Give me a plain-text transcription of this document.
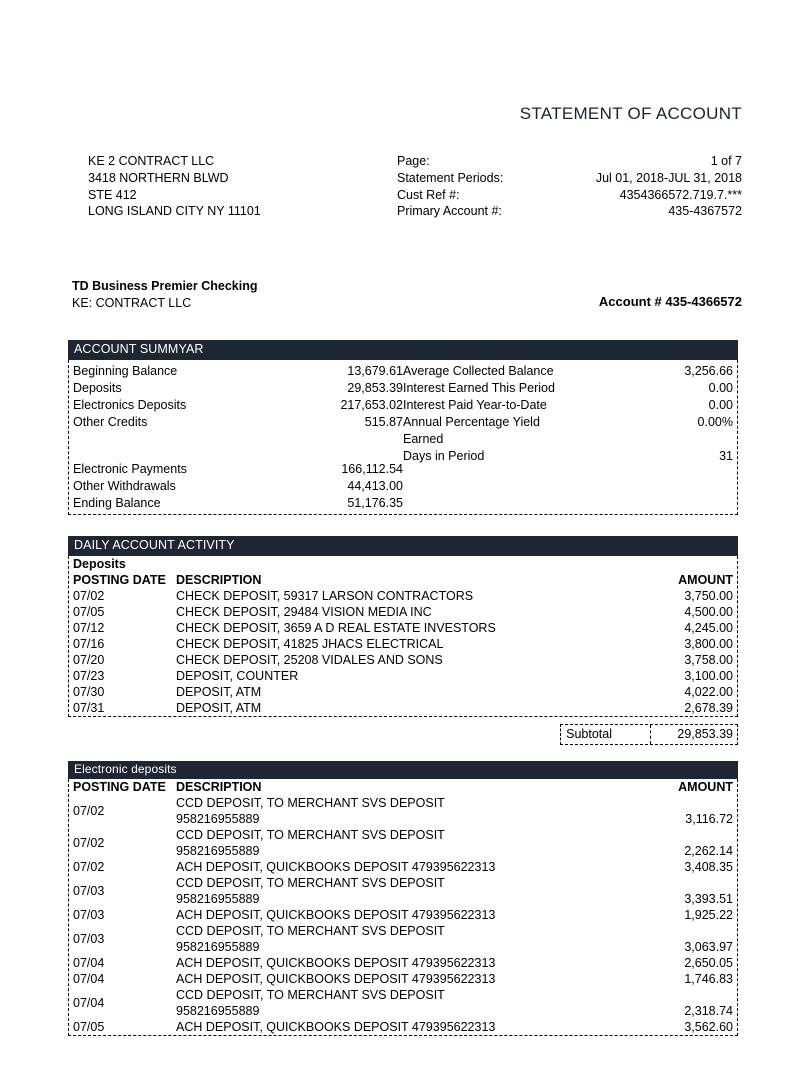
STATEMENT OF ACCOUNT
KE 2 CONTRACT LLC
3418 NORTHERN BLWD
STE 412
LONG ISLAND CITY NY 11101
Page:	1 of 7
Statement Periods:	Jul 01, 2018-JUL 31, 2018
Cust Ref #:	4354366572.719.7.***
Primary Account #:	435-4367572
TD Business Premier Checking
KE: CONTRACT LLC	Account # 435-4366572
ACCOUNT SUMMYAR
Beginning Balance	13,679.61
Deposits	29,853.39
Electronics Deposits	217,653.02
Other Credits	515.87
Electronic Payments	166,112.54
Other Withdrawals	44,413.00
Ending Balance	51,176.35
Average Collected Balance	3,256.66
Interest Earned This Period	0.00
Interest Paid Year-to-Date	0.00
Annual Percentage Yield	0.00%
Earned
Days in Period	31
DAILY ACCOUNT ACTIVITY
Deposits		
POSTING DATE	DESCRIPTION	AMOUNT
07/02	CHECK DEPOSIT, 59317 LARSON CONTRACTORS	3,750.00
07/05	CHECK DEPOSIT, 29484 VISION MEDIA INC	4,500.00
07/12	CHECK DEPOSIT, 3659 A D REAL ESTATE INVESTORS	4,245.00
07/16	CHECK DEPOSIT, 41825 JHACS ELECTRICAL	3,800.00
07/20	CHECK DEPOSIT, 25208 VIDALES AND SONS	3,758.00
07/23	DEPOSIT, COUNTER	3,100.00
07/30	DEPOSIT, ATM	4,022.00
07/31	DEPOSIT, ATM	2,678.39
Subtotal	29,853.39
Electronic deposits
POSTING DATE	DESCRIPTION	AMOUNT
07/02	CCD DEPOSIT, TO MERCHANT SVS DEPOSIT
958216955889	3,116.72
07/02	CCD DEPOSIT, TO MERCHANT SVS DEPOSIT
958216955889	2,262.14
07/02	ACH DEPOSIT, QUICKBOOKS DEPOSIT 479395622313	3,408.35
07/03	CCD DEPOSIT, TO MERCHANT SVS DEPOSIT
958216955889	3,393.51
07/03	ACH DEPOSIT, QUICKBOOKS DEPOSIT 479395622313	1,925.22
07/03	CCD DEPOSIT, TO MERCHANT SVS DEPOSIT
958216955889	3,063.97
07/04	ACH DEPOSIT, QUICKBOOKS DEPOSIT 479395622313	2,650.05
07/04	ACH DEPOSIT, QUICKBOOKS DEPOSIT 479395622313	1,746.83
07/04	CCD DEPOSIT, TO MERCHANT SVS DEPOSIT
958216955889	2,318.74
07/05	ACH DEPOSIT, QUICKBOOKS DEPOSIT 479395622313	3,562.60
